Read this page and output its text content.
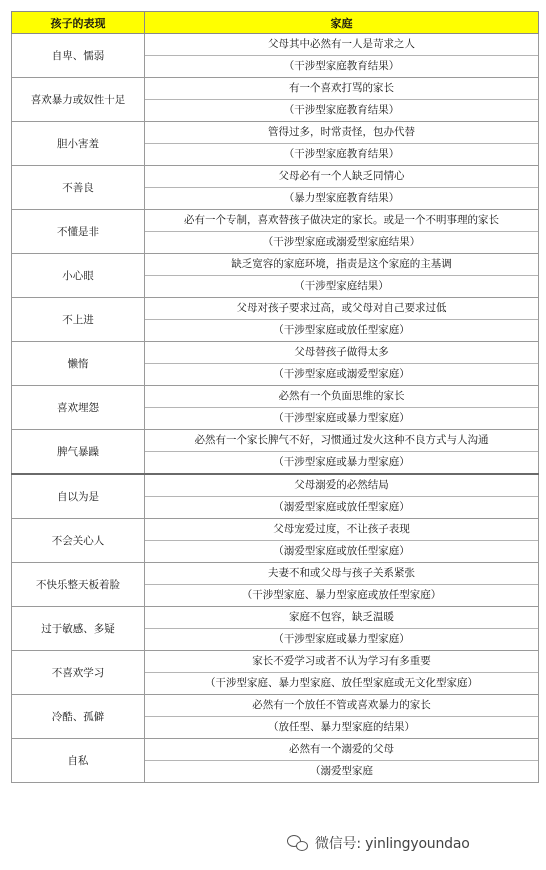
孩子的表现	家庭
自卑、懦弱	父母其中必然有一人是苛求之人
（干涉型家庭教育结果）

喜欢暴力或奴性十足	有一个喜欢打骂的家长
（干涉型家庭教育结果）

胆小害羞	管得过多，时常责怪，包办代替
（干涉型家庭教育结果）

不善良	父母必有一个人缺乏同情心
（暴力型家庭教育结果）

不懂是非	必有一个专制，喜欢替孩子做决定的家长。或是一个不明事理的家长
（干涉型家庭或溺爱型家庭结果）

小心眼	缺乏宽容的家庭环境，指责是这个家庭的主基调
（干涉型家庭结果）

不上进	父母对孩子要求过高，或父母对自己要求过低
（干涉型家庭或放任型家庭）

懒惰	父母替孩子做得太多
（干涉型家庭或溺爱型家庭）

喜欢埋怨	必然有一个负面思维的家长
（干涉型家庭或暴力型家庭）

脾气暴躁	必然有一个家长脾气不好，习惯通过发火这种不良方式与人沟通
（干涉型家庭或暴力型家庭）

自以为是	父母溺爱的必然结局
（溺爱型家庭或放任型家庭）

不会关心人	父母宠爱过度，不让孩子表现
（溺爱型家庭或放任型家庭）

不快乐整天板着脸	夫妻不和或父母与孩子关系紧张
（干涉型家庭、暴力型家庭或放任型家庭）

过于敏感、多疑	家庭不包容，缺乏温暖
（干涉型家庭或暴力型家庭）

不喜欢学习	家长不爱学习或者不认为学习有多重要
（干涉型家庭、暴力型家庭、放任型家庭或无文化型家庭）

冷酷、孤僻	必然有一个放任不管或喜欢暴力的家长
（放任型、暴力型家庭的结果）

自私	必然有一个溺爱的父母
（溺爱型家庭
微信号: yinlingyoundao
